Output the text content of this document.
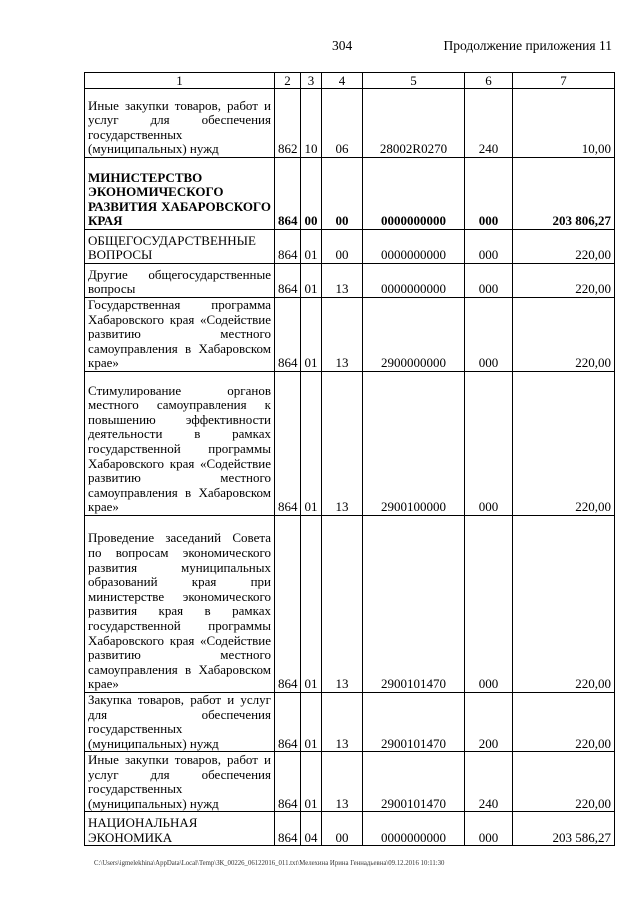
304	Продолжение приложения 11
1	2	3	4	5	6	7
Иные закупки товаров, работ и услуг для обеспечения государственных (муниципальных) нужд	862	10	06	28002R0270	240	10,00
МИНИСТЕРСТВО ЭКОНОМИЧЕСКОГО РАЗВИТИЯ ХАБАРОВСКОГО КРАЯ	864	00	00	0000000000	000	203 806,27
ОБЩЕГОСУДАРСТВЕННЫЕ ВОПРОСЫ	864	01	00	0000000000	000	220,00
Другие общегосударственные вопросы	864	01	13	0000000000	000	220,00
Государственная программа Хабаровского края «Содействие развитию местного самоуправления в Хабаровском крае»	864	01	13	2900000000	000	220,00
Стимулирование органов местного самоуправления к повышению эффективности деятельности в рамках государственной программы Хабаровского края «Содействие развитию местного самоуправления в Хабаровском крае»	864	01	13	2900100000	000	220,00
Проведение заседаний Совета по вопросам экономического развития муниципальных образований края при министерстве экономического развития края в рамках государственной программы Хабаровского края «Содействие развитию местного самоуправления в Хабаровском крае»	864	01	13	2900101470	000	220,00
Закупка товаров, работ и услуг для обеспечения государственных (муниципальных) нужд	864	01	13	2900101470	200	220,00
Иные закупки товаров, работ и услуг для обеспечения государственных (муниципальных) нужд	864	01	13	2900101470	240	220,00
НАЦИОНАЛЬНАЯ ЭКОНОМИКА	864	04	00	0000000000	000	203 586,27
C:\Users\igmelekhina\AppData\Local\Temp\ЗК_00226_06122016_011.txt\Мелехина Ирина Геннадьевна\09.12.2016 10:11:30
